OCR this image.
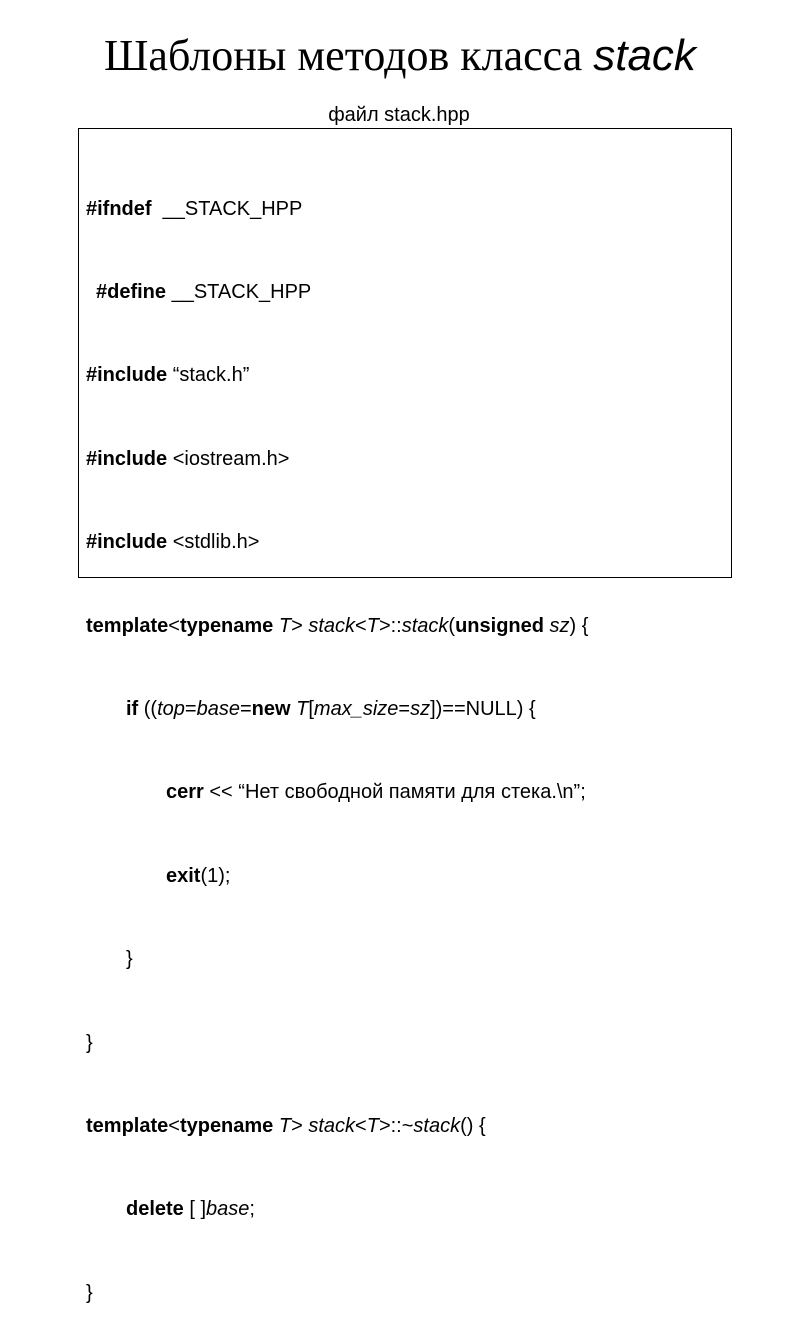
Шаблоны методов класса stack
файл stack.hpp

#ifndef  __STACK_HPP

#define __STACK_HPP

#include “stack.h”

#include <iostream.h>

#include <stdlib.h>

template<typename T> stack<T>::stack(unsigned sz) {

if ((top=base=new T[max_size=sz])==NULL) {

cerr << “Нет свободной памяти для стека.\n”;

exit(1);

}

}

template<typename T> stack<T>::~stack() {

delete [ ]base;

}
